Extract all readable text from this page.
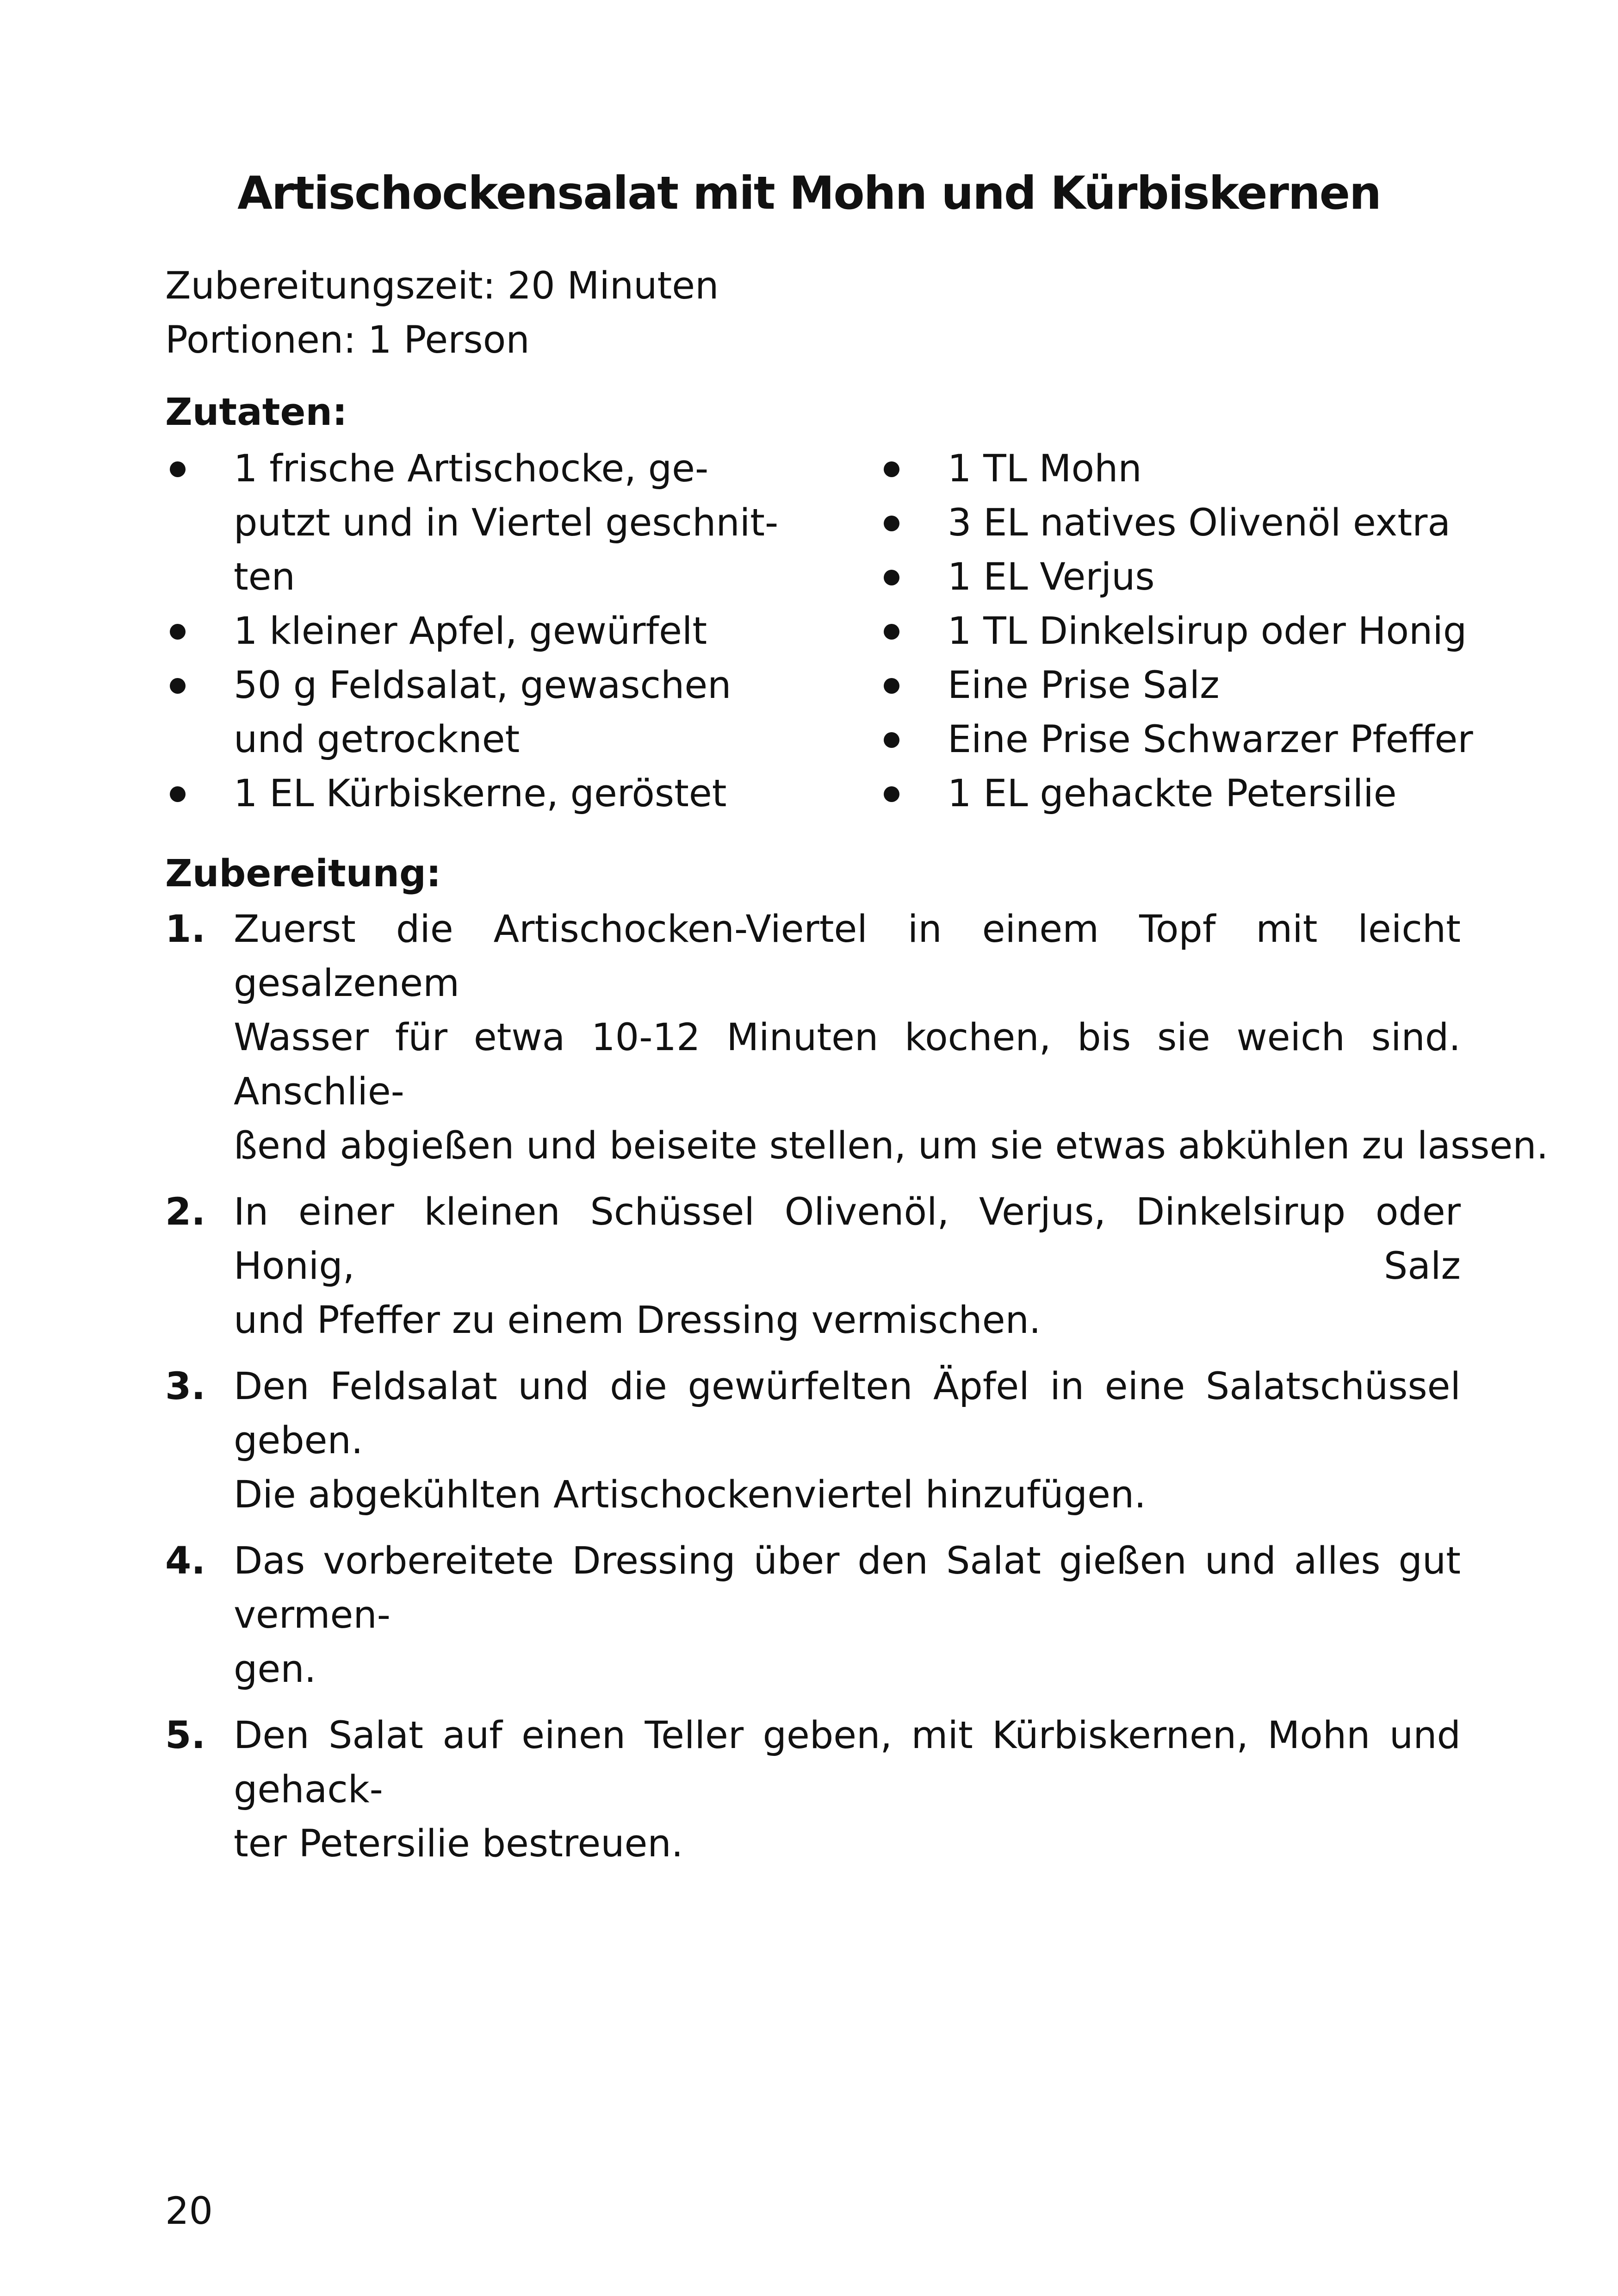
Artischockensalat mit Mohn und Kürbiskernen
Zubereitungszeit: 20 Minuten
Portionen: 1 Person
Zutaten:
1 frische Artischocke, ge-
putzt und in Viertel geschnit-
ten
1 kleiner Apfel, gewürfelt
50 g Feldsalat, gewaschen
und getrocknet
1 EL Kürbiskerne, geröstet
1 TL Mohn
3 EL natives Olivenöl extra
1 EL Verjus
1 TL Dinkelsirup oder Honig
Eine Prise Salz
Eine Prise Schwarzer Pfeffer
1 EL gehackte Petersilie
Zubereitung:
1. Zuerst die Artischocken-Viertel in einem Topf mit leicht gesalzenem
Wasser für etwa 10-12 Minuten kochen, bis sie weich sind. Anschlie-
ßend abgießen und beiseite stellen, um sie etwas abkühlen zu lassen.
2. In einer kleinen Schüssel Olivenöl, Verjus, Dinkelsirup oder Honig, Salz
und Pfeffer zu einem Dressing vermischen.
3. Den Feldsalat und die gewürfelten Äpfel in eine Salatschüssel geben.
Die abgekühlten Artischockenviertel hinzufügen.
4. Das vorbereitete Dressing über den Salat gießen und alles gut vermen-
gen.
5. Den Salat auf einen Teller geben, mit Kürbiskernen, Mohn und gehack-
ter Petersilie bestreuen.
20
